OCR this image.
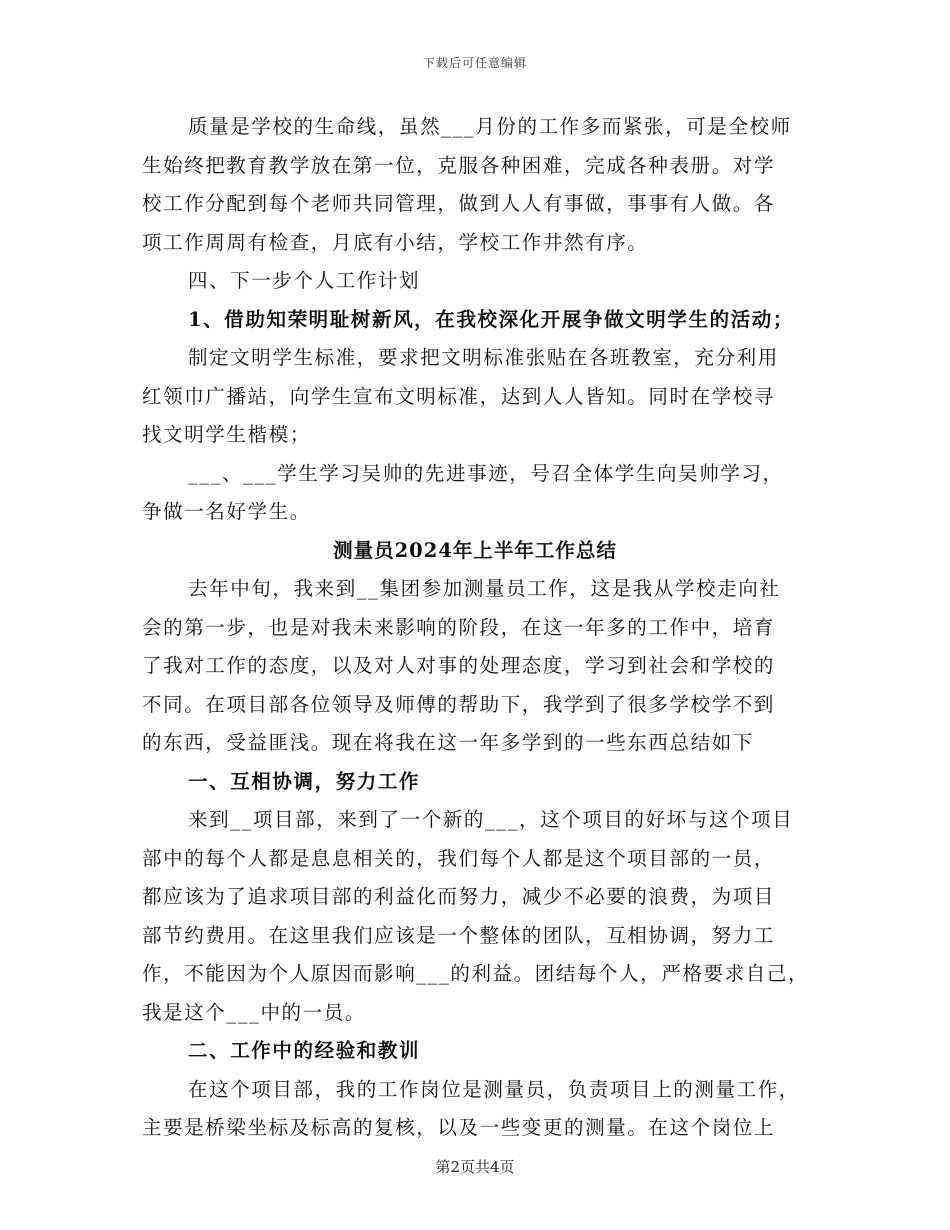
下载后可任意编辑
质量是学校的生命线，虽然___月份的工作多而紧张，可是全校师
生始终把教育教学放在第一位，克服各种困难，完成各种表册。对学
校工作分配到每个老师共同管理，做到人人有事做，事事有人做。各
项工作周周有检查，月底有小结，学校工作井然有序。
四、下一步个人工作计划
1、借助知荣明耻树新风，在我校深化开展争做文明学生的活动；
制定文明学生标准，要求把文明标准张贴在各班教室，充分利用
红领巾广播站，向学生宣布文明标准，达到人人皆知。同时在学校寻
找文明学生楷模；
___、___学生学习吴帅的先进事迹，号召全体学生向吴帅学习，
争做一名好学生。
测量员2024年上半年工作总结
去年中旬，我来到__集团参加测量员工作，这是我从学校走向社
会的第一步，也是对我未来影响的阶段，在这一年多的工作中，培育
了我对工作的态度，以及对人对事的处理态度，学习到社会和学校的
不同。在项目部各位领导及师傅的帮助下，我学到了很多学校学不到
的东西，受益匪浅。现在将我在这一年多学到的一些东西总结如下
一、互相协调，努力工作
来到__项目部，来到了一个新的___，这个项目的好坏与这个项目
部中的每个人都是息息相关的，我们每个人都是这个项目部的一员，
都应该为了追求项目部的利益化而努力，减少不必要的浪费，为项目
部节约费用。在这里我们应该是一个整体的团队，互相协调，努力工
作，不能因为个人原因而影响___的利益。团结每个人，严格要求自己，
我是这个___中的一员。
二、工作中的经验和教训
在这个项目部，我的工作岗位是测量员，负责项目上的测量工作，
主要是桥梁坐标及标高的复核，以及一些变更的测量。在这个岗位上
第2页共4页
